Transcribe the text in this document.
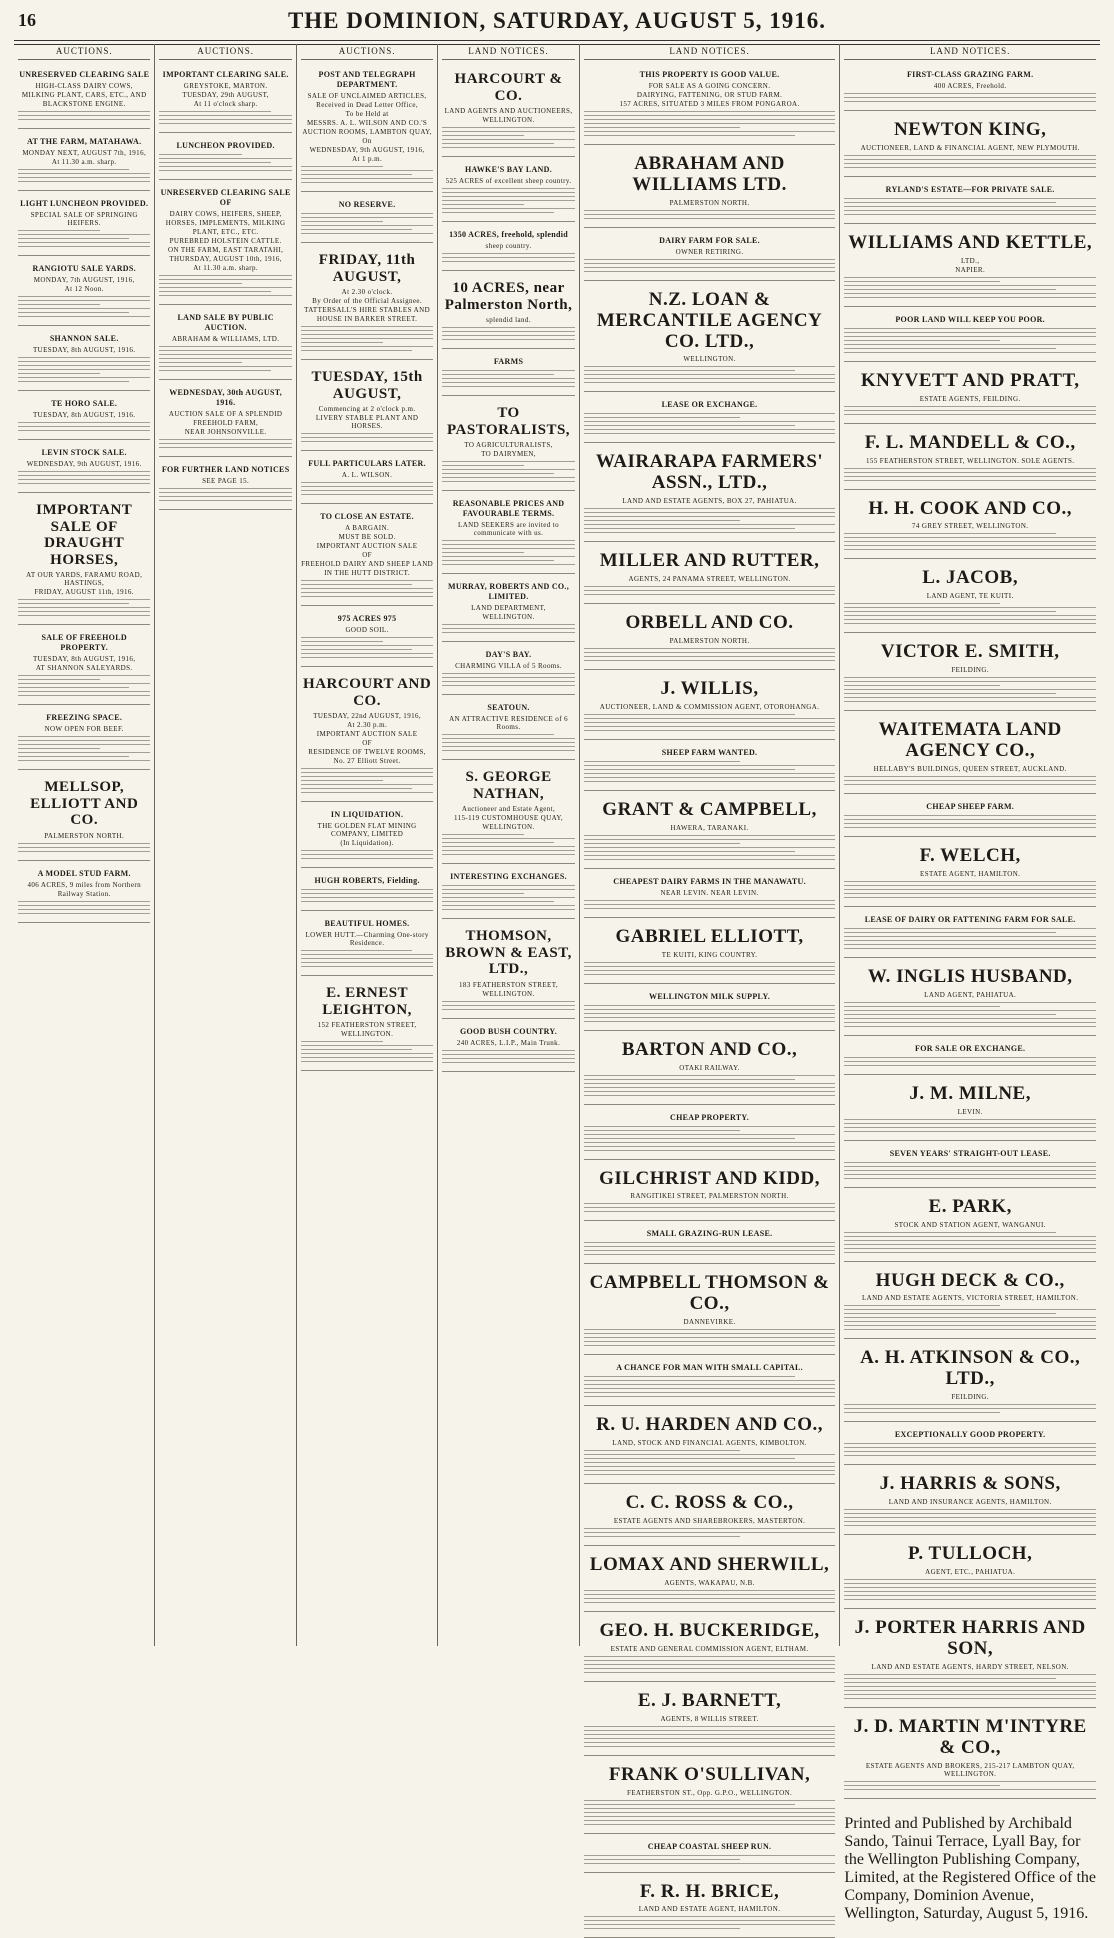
16	THE DOMINION, SATURDAY, AUGUST 5, 1916.
AUCTIONS.
UNRESERVED CLEARING SALE
HIGH-CLASS DAIRY COWS,
MILKING PLANT, CARS, ETC., AND
BLACKSTONE ENGINE.
AT THE FARM, MATAHAWA.
MONDAY NEXT, AUGUST 7th, 1916,
At 11.30 a.m. sharp.
LIGHT LUNCHEON PROVIDED.
SPECIAL SALE OF SPRINGING HEIFERS.
RANGIOTU SALE YARDS.
MONDAY, 7th AUGUST, 1916,
At 12 Noon.
SHANNON SALE.
TUESDAY, 8th AUGUST, 1916.
TE HORO SALE.
TUESDAY, 8th AUGUST, 1916.
LEVIN STOCK SALE.
WEDNESDAY, 9th AUGUST, 1916.
IMPORTANT SALE OF DRAUGHT HORSES,
AT OUR YARDS, FARAMU ROAD, HASTINGS,
FRIDAY, AUGUST 11th, 1916.
SALE OF FREEHOLD PROPERTY.
TUESDAY, 8th AUGUST, 1916,
AT SHANNON SALEYARDS.
FREEZING SPACE.
NOW OPEN FOR BEEF.
MELLSOP, ELLIOTT AND CO.
PALMERSTON NORTH.
A MODEL STUD FARM.
406 ACRES, 9 miles from Northern
Railway Station.
AUCTIONS.
IMPORTANT CLEARING SALE.
GREYSTOKE, MARTON.
TUESDAY, 29th AUGUST,
At 11 o'clock sharp.
LUNCHEON PROVIDED.
UNRESERVED CLEARING SALE OF
DAIRY COWS, HEIFERS, SHEEP,
HORSES, IMPLEMENTS, MILKING
PLANT, ETC., ETC.
PUREBRED HOLSTEIN CATTLE.
ON THE FARM, EAST TARATAHI,
THURSDAY, AUGUST 10th, 1916,
At 11.30 a.m. sharp.
LAND SALE BY PUBLIC AUCTION.
ABRAHAM & WILLIAMS, LTD.
WEDNESDAY, 30th AUGUST, 1916.
AUCTION SALE OF A SPLENDID
FREEHOLD FARM,
NEAR JOHNSONVILLE.
FOR FURTHER LAND NOTICES
SEE PAGE 15.
AUCTIONS.
POST AND TELEGRAPH DEPARTMENT.
SALE OF UNCLAIMED ARTICLES,
Received in Dead Letter Office,
To be Held at
MESSRS. A. L. WILSON AND CO.'S
AUCTION ROOMS, LAMBTON QUAY,
On
WEDNESDAY, 9th AUGUST, 1916,
At 1 p.m.
NO RESERVE.
FRIDAY, 11th AUGUST,
At 2.30 o'clock.
By Order of the Official Assignee.
TATTERSALL'S HIRE STABLES AND
HOUSE IN BARKER STREET.
TUESDAY, 15th AUGUST,
Commencing at 2 o'clock p.m.
LIVERY STABLE PLANT AND HORSES.
FULL PARTICULARS LATER.
A. L. WILSON.
TO CLOSE AN ESTATE.
A BARGAIN.
MUST BE SOLD.
IMPORTANT AUCTION SALE
OF
FREEHOLD DAIRY AND SHEEP LAND
IN THE HUTT DISTRICT.
975 ACRES 975
GOOD SOIL.
HARCOURT AND CO.
TUESDAY, 22nd AUGUST, 1916,
At 2.30 p.m.
IMPORTANT AUCTION SALE
OF
RESIDENCE OF TWELVE ROOMS,
No. 27 Elliott Street.
IN LIQUIDATION.
THE GOLDEN FLAT MINING COMPANY, LIMITED
(In Liquidation).
HUGH ROBERTS, Fielding.
BEAUTIFUL HOMES.
LOWER HUTT.—Charming One-story Residence.
E. ERNEST LEIGHTON,
152 FEATHERSTON STREET,
WELLINGTON.
LAND NOTICES.
HARCOURT & CO.
LAND AGENTS AND AUCTIONEERS,
WELLINGTON.
HAWKE'S BAY LAND.
525 ACRES of excellent sheep country.
1350 ACRES, freehold, splendid
sheep country.
10 ACRES, near Palmerston North,
splendid land.
FARMS
TO PASTORALISTS,
TO AGRICULTURALISTS,
TO DAIRYMEN,
REASONABLE PRICES AND FAVOURABLE TERMS.
LAND SEEKERS are invited to communicate with us.
MURRAY, ROBERTS AND CO., LIMITED.
LAND DEPARTMENT,
WELLINGTON.
DAY'S BAY.
CHARMING VILLA of 5 Rooms.
SEATOUN.
AN ATTRACTIVE RESIDENCE of 6 Rooms.
S. GEORGE NATHAN,
Auctioneer and Estate Agent,
115-119 CUSTOMHOUSE QUAY,
WELLINGTON.
INTERESTING EXCHANGES.
THOMSON, BROWN & EAST, LTD.,
183 FEATHERSTON STREET,
WELLINGTON.
GOOD BUSH COUNTRY.
240 ACRES, L.I.P., Main Trunk.
LAND NOTICES.
THIS PROPERTY IS GOOD VALUE.
FOR SALE AS A GOING CONCERN.
DAIRYING, FATTENING, OR STUD FARM.
157 ACRES, SITUATED 3 MILES FROM PONGAROA.
ABRAHAM AND WILLIAMS LTD.
PALMERSTON NORTH.
DAIRY FARM FOR SALE.
OWNER RETIRING.
N.Z. LOAN & MERCANTILE AGENCY CO. LTD.,
WELLINGTON.
LEASE OR EXCHANGE.
WAIRARAPA FARMERS' ASSN., LTD.,
LAND AND ESTATE AGENTS, BOX 27, PAHIATUA.
MILLER AND RUTTER,
AGENTS, 24 PANAMA STREET, WELLINGTON.
ORBELL AND CO.
PALMERSTON NORTH.
J. WILLIS,
AUCTIONEER, LAND & COMMISSION AGENT, OTOROHANGA.
SHEEP FARM WANTED.
GRANT & CAMPBELL,
HAWERA, TARANAKI.
CHEAPEST DAIRY FARMS IN THE MANAWATU.
NEAR LEVIN. NEAR LEVIN.
GABRIEL ELLIOTT,
TE KUITI, KING COUNTRY.
WELLINGTON MILK SUPPLY.
BARTON AND CO.,
OTAKI RAILWAY.
CHEAP PROPERTY.
GILCHRIST AND KIDD,
RANGITIKEI STREET, PALMERSTON NORTH.
SMALL GRAZING-RUN LEASE.
CAMPBELL THOMSON & CO.,
DANNEVIRKE.
A CHANCE FOR MAN WITH SMALL CAPITAL.
R. U. HARDEN AND CO.,
LAND, STOCK AND FINANCIAL AGENTS, KIMBOLTON.
C. C. ROSS & CO.,
ESTATE AGENTS AND SHAREBROKERS, MASTERTON.
LOMAX AND SHERWILL,
AGENTS, WAKAPAU, N.B.
GEO. H. BUCKERIDGE,
ESTATE AND GENERAL COMMISSION AGENT, ELTHAM.
E. J. BARNETT,
AGENTS, 8 WILLIS STREET.
FRANK O'SULLIVAN,
FEATHERSTON ST., Opp. G.P.O., WELLINGTON.
CHEAP COASTAL SHEEP RUN.
F. R. H. BRICE,
LAND AND ESTATE AGENT, HAMILTON.
LAND NOTICES.
FIRST-CLASS GRAZING FARM.
400 ACRES, Freehold.
NEWTON KING,
AUCTIONEER, LAND & FINANCIAL AGENT, NEW PLYMOUTH.
RYLAND'S ESTATE—FOR PRIVATE SALE.
WILLIAMS AND KETTLE,
LTD.,
NAPIER.
POOR LAND WILL KEEP YOU POOR.
KNYVETT AND PRATT,
ESTATE AGENTS, FEILDING.
F. L. MANDELL & CO.,
155 FEATHERSTON STREET, WELLINGTON. SOLE AGENTS.
H. H. COOK AND CO.,
74 GREY STREET, WELLINGTON.
L. JACOB,
LAND AGENT, TE KUITI.
VICTOR E. SMITH,
FEILDING.
WAITEMATA LAND AGENCY CO.,
HELLABY'S BUILDINGS, QUEEN STREET, AUCKLAND.
CHEAP SHEEP FARM.
F. WELCH,
ESTATE AGENT, HAMILTON.
LEASE OF DAIRY OR FATTENING FARM FOR SALE.
W. INGLIS HUSBAND,
LAND AGENT, PAHIATUA.
FOR SALE OR EXCHANGE.
J. M. MILNE,
LEVIN.
SEVEN YEARS' STRAIGHT-OUT LEASE.
E. PARK,
STOCK AND STATION AGENT, WANGANUI.
HUGH DECK & CO.,
LAND AND ESTATE AGENTS, VICTORIA STREET, HAMILTON.
A. H. ATKINSON & CO., LTD.,
FEILDING.
EXCEPTIONALLY GOOD PROPERTY.
J. HARRIS & SONS,
LAND AND INSURANCE AGENTS, HAMILTON.
P. TULLOCH,
AGENT, ETC., PAHIATUA.
J. PORTER HARRIS AND SON,
LAND AND ESTATE AGENTS, HARDY STREET, NELSON.
J. D. MARTIN M'INTYRE & CO.,
ESTATE AGENTS AND BROKERS, 215-217 LAMBTON QUAY, WELLINGTON.

Printed and Published by Archibald Sando, Tainui Terrace, Lyall Bay, for the Wellington Publishing Company, Limited, at the Registered Office of the Company, Dominion Avenue, Wellington, Saturday, August 5, 1916.
